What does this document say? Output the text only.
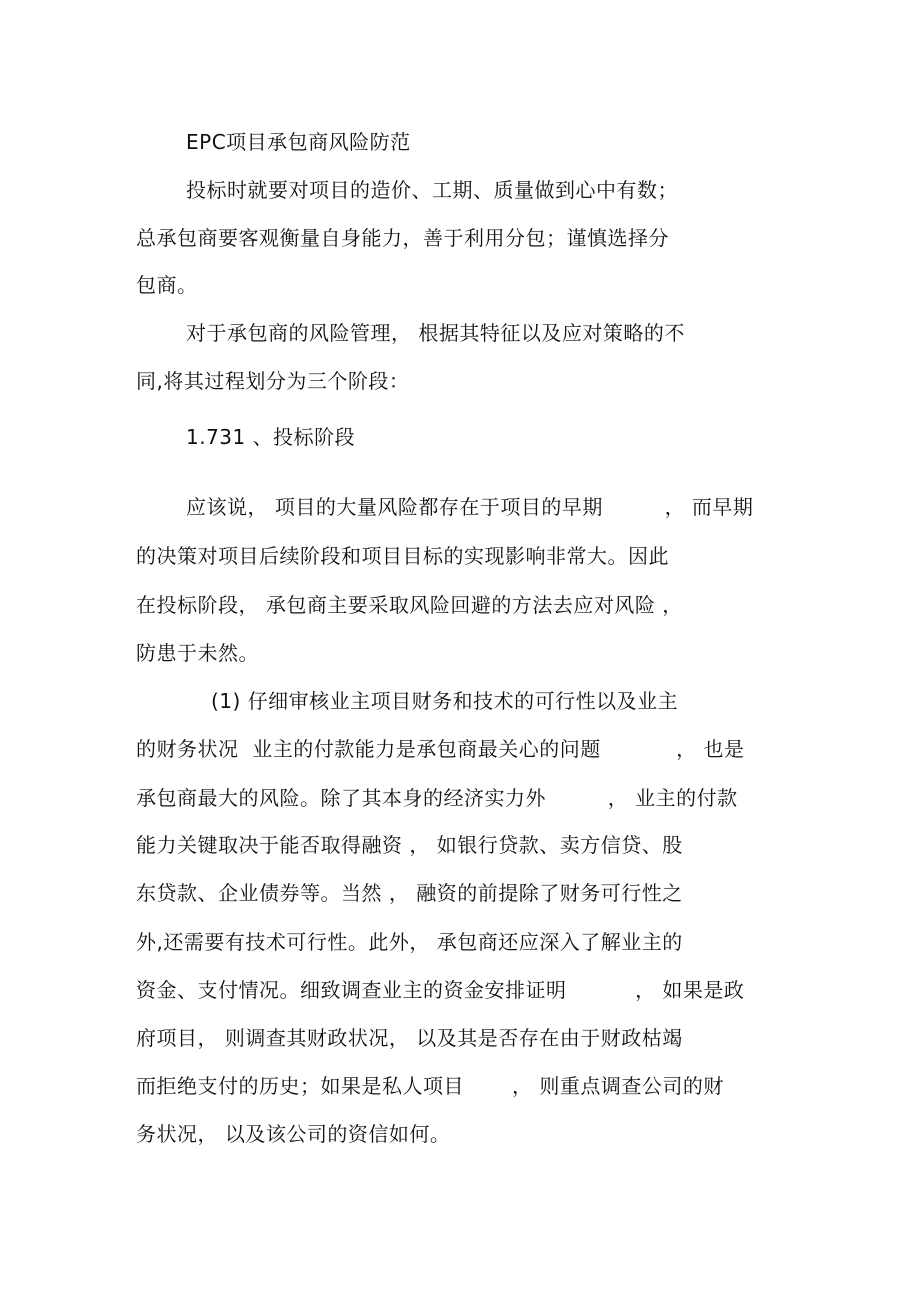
EPC项目承包商风险防范
投标时就要对项目的造价、工期、质量做到心中有数；
总承包商要客观衡量自身能力，善于利用分包；谨慎选择分
包商。
对于承包商的风险管理， 根据其特征以及应对策略的不
同,将其过程划分为三个阶段：
1.731 、投标阶段
应该说， 项目的大量风险都存在于项目的早期         ， 而早期
的决策对项目后续阶段和项目目标的实现影响非常大。因此
在投标阶段， 承包商主要采取风险回避的方法去应对风险 ，
防患于未然。
(1) 仔细审核业主项目财务和技术的可行性以及业主
的财务状况  业主的付款能力是承包商最关心的问题           ， 也是
承包商最大的风险。除了其本身的经济实力外         ， 业主的付款
能力关键取决于能否取得融资 ， 如银行贷款、卖方信贷、股
东贷款、企业债券等。当然 ， 融资的前提除了财务可行性之
外,还需要有技术可行性。此外， 承包商还应深入了解业主的
资金、支付情况。细致调查业主的资金安排证明          ， 如果是政
府项目， 则调查其财政状况， 以及其是否存在由于财政枯竭
而拒绝支付的历史；如果是私人项目       ， 则重点调查公司的财
务状况， 以及该公司的资信如何。
